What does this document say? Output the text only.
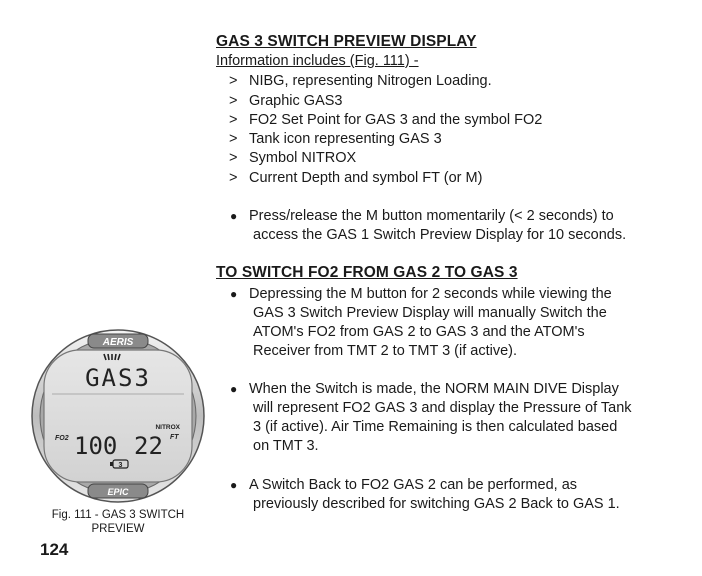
GAS 3 SWITCH PREVIEW DISPLAY
Information includes (Fig. 111) -
> NIBG, representing Nitrogen Loading.
> Graphic GAS3
> FO2 Set Point for GAS 3 and the symbol FO2
> Tank icon representing GAS 3
> Symbol NITROX
> Current Depth and symbol FT (or M)
● Press/release the M button momentarily (< 2 seconds) to
access the GAS 1 Switch Preview Display for 10 seconds.
TO SWITCH FO2 FROM GAS 2 TO GAS 3
● Depressing the M button for 2 seconds while viewing the
GAS 3 Switch Preview Display will manually Switch the
ATOM's FO2 from GAS 2 to GAS 3 and the ATOM's
Receiver from TMT 2 to TMT 3 (if active).
● When the Switch is made, the NORM MAIN DIVE Display
will represent FO2 GAS 3 and display the Pressure of Tank
3 (if active). Air Time Remaining is then calculated based
on TMT 3.
● A Switch Back to FO2 GAS 2 can be performed, as
previously described for switching GAS 2 Back to GAS 1.
AERIS
EPIC
GAS3
NITROX
FO2 100 22 FT
3
Fig. 111 - GAS 3 SWITCH
PREVIEW
124
